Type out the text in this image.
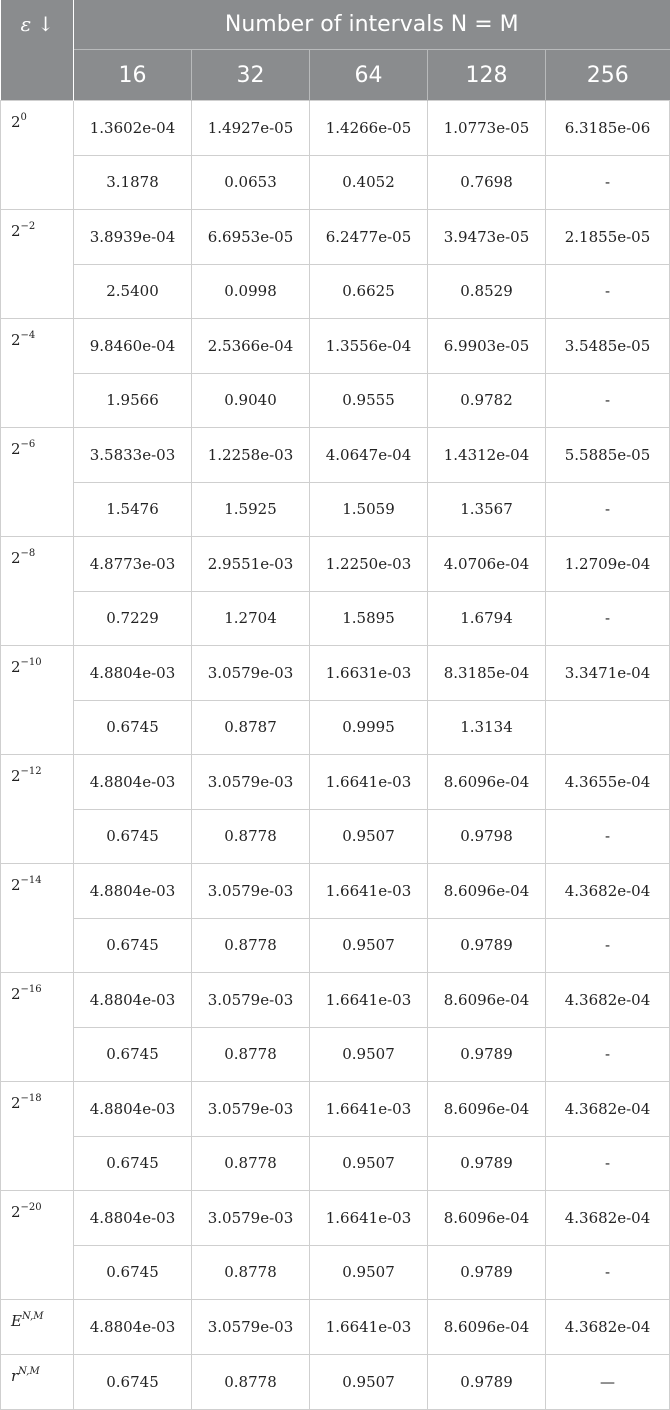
ε ↓	Number of intervals N = M				
	16	32	64	128	256
$2^0$	1.3602e-04	1.4927e-05	1.4266e-05	1.0773e-05	6.3185e-06
	3.1878	0.0653	0.4052	0.7698	-
$2^{-2}$	3.8939e-04	6.6953e-05	6.2477e-05	3.9473e-05	2.1855e-05
	2.5400	0.0998	0.6625	0.8529	-
$2^{-4}$	9.8460e-04	2.5366e-04	1.3556e-04	6.9903e-05	3.5485e-05
	1.9566	0.9040	0.9555	0.9782	-
$2^{-6}$	3.5833e-03	1.2258e-03	4.0647e-04	1.4312e-04	5.5885e-05
	1.5476	1.5925	1.5059	1.3567	-
$2^{-8}$	4.8773e-03	2.9551e-03	1.2250e-03	4.0706e-04	1.2709e-04
	0.7229	1.2704	1.5895	1.6794	-
$2^{-10}$	4.8804e-03	3.0579e-03	1.6631e-03	8.3185e-04	3.3471e-04
	0.6745	0.8787	0.9995	1.3134	
$2^{-12}$	4.8804e-03	3.0579e-03	1.6641e-03	8.6096e-04	4.3655e-04
	0.6745	0.8778	0.9507	0.9798	-
$2^{-14}$	4.8804e-03	3.0579e-03	1.6641e-03	8.6096e-04	4.3682e-04
	0.6745	0.8778	0.9507	0.9789	-
$2^{-16}$	4.8804e-03	3.0579e-03	1.6641e-03	8.6096e-04	4.3682e-04
	0.6745	0.8778	0.9507	0.9789	-
$2^{-18}$	4.8804e-03	3.0579e-03	1.6641e-03	8.6096e-04	4.3682e-04
	0.6745	0.8778	0.9507	0.9789	-
$2^{-20}$	4.8804e-03	3.0579e-03	1.6641e-03	8.6096e-04	4.3682e-04
	0.6745	0.8778	0.9507	0.9789	-
$E^{N,M}$	4.8804e-03	3.0579e-03	1.6641e-03	8.6096e-04	4.3682e-04
$r^{N,M}$	0.6745	0.8778	0.9507	0.9789	—
